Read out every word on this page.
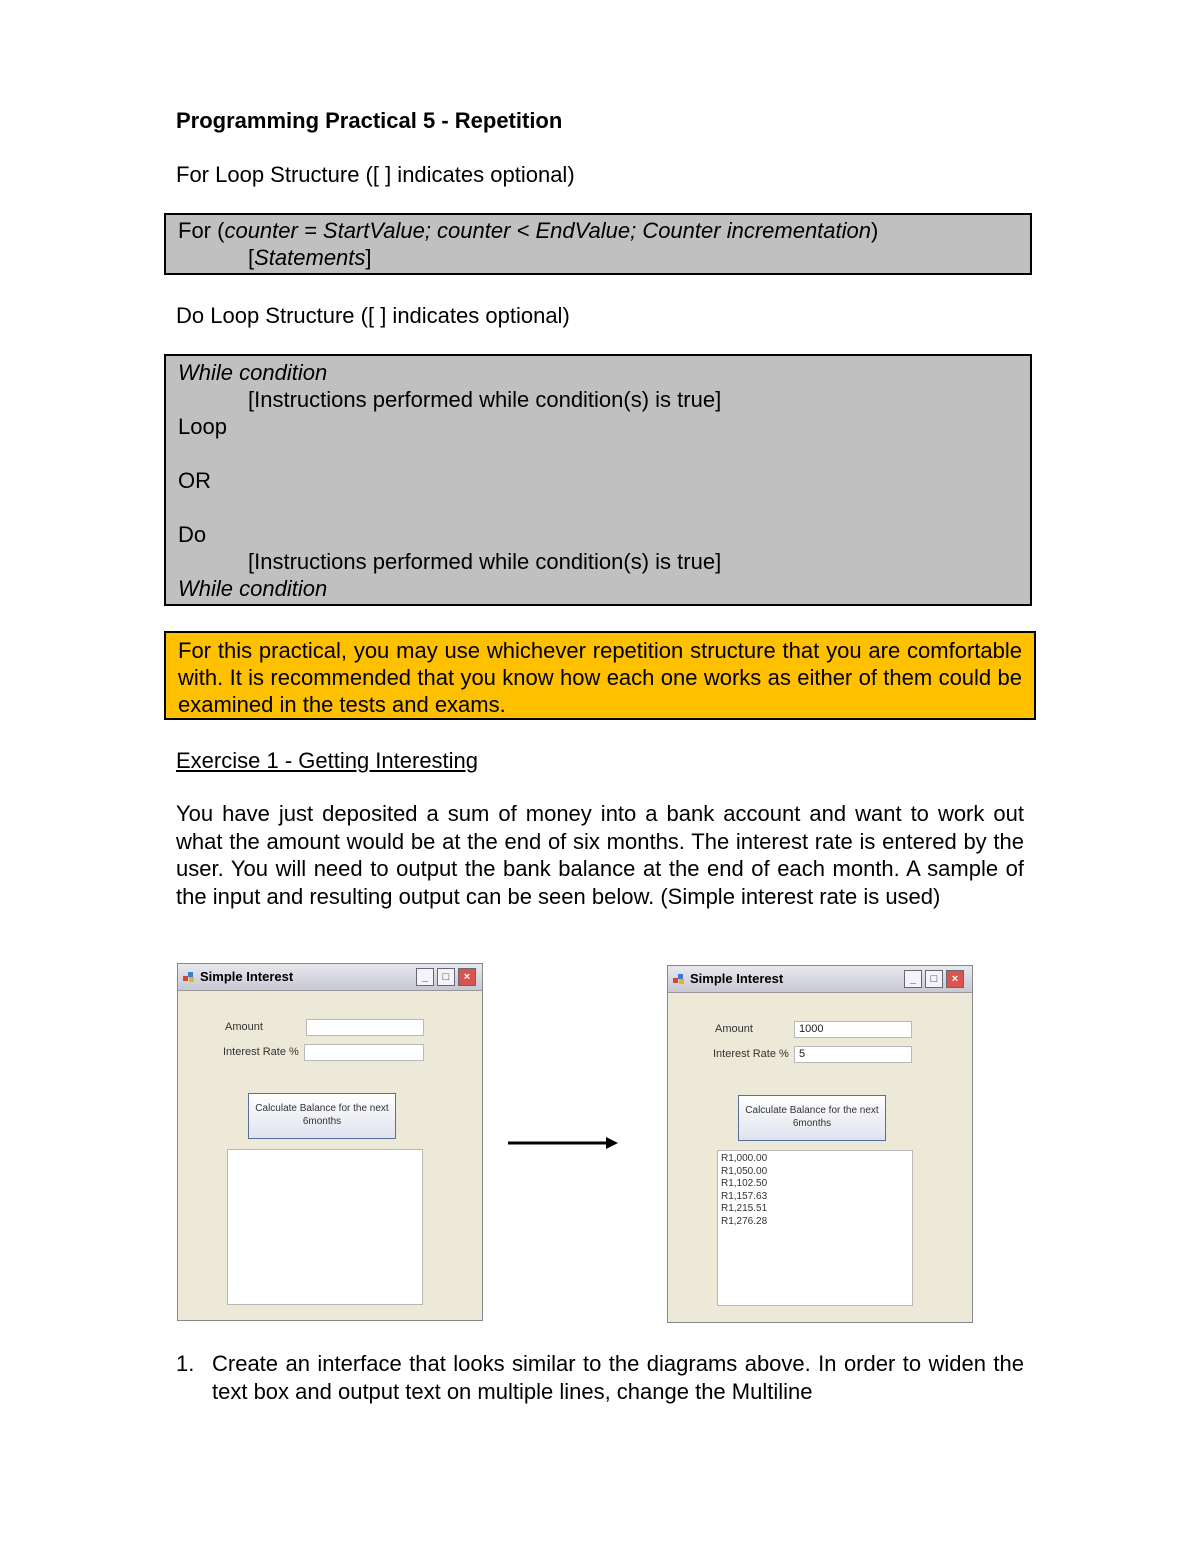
Programming Practical 5 - Repetition
For Loop Structure ([ ] indicates optional)
For (counter = StartValue; counter < EndValue; Counter incrementation)
[Statements]
Do Loop Structure ([ ] indicates optional)
While condition
[Instructions performed while condition(s) is true]
Loop

OR

Do
[Instructions performed while condition(s) is true]
While condition
For this practical, you may use whichever repetition structure that you are comfortable with. It is recommended that you know how each one works as either of them could be examined in the tests and exams.
Exercise 1 - Getting Interesting
You have just deposited a sum of money into a bank account and want to work out what the amount would be at the end of six months. The interest rate is entered by the user. You will need to output the bank balance at the end of each month. A sample of the input and resulting output can be seen below. (Simple interest rate is used)
Simple Interest	_	□	×
Amount
Interest Rate %
Calculate Balance for the next 6months
Simple Interest	_	□	×
Amount	1000
Interest Rate % 5
Calculate Balance for the next 6months
R1,000.00
R1,050.00
R1,102.50
R1,157.63
R1,215.51
R1,276.28
1. Create an interface that looks similar to the diagrams above. In order to widen the text box and output text on multiple lines, change the Multiline
